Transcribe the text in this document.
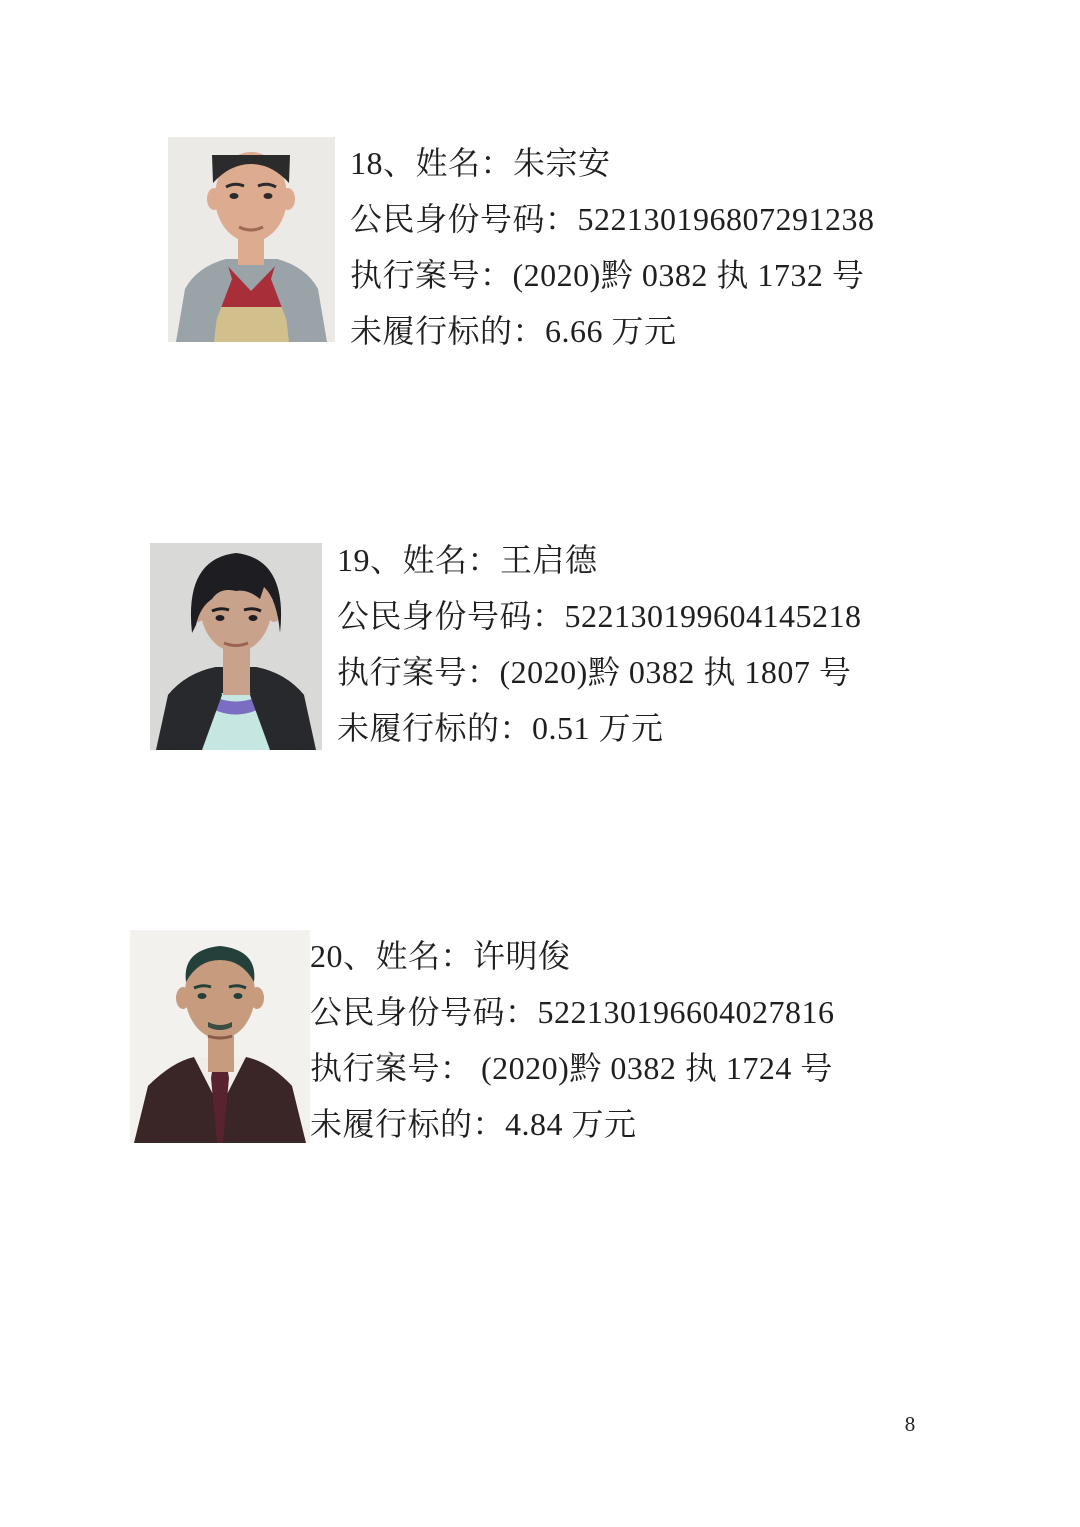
18、姓名：朱宗安
公民身份号码：522130196807291238
执行案号：(2020)黔 0382 执 1732 号
未履行标的：6.66 万元
19、姓名：王启德
公民身份号码：522130199604145218
执行案号：(2020)黔 0382 执 1807 号
未履行标的：0.51 万元
20、姓名：许明俊
公民身份号码：522130196604027816
执行案号： (2020)黔 0382 执 1724 号
未履行标的：4.84 万元
8
